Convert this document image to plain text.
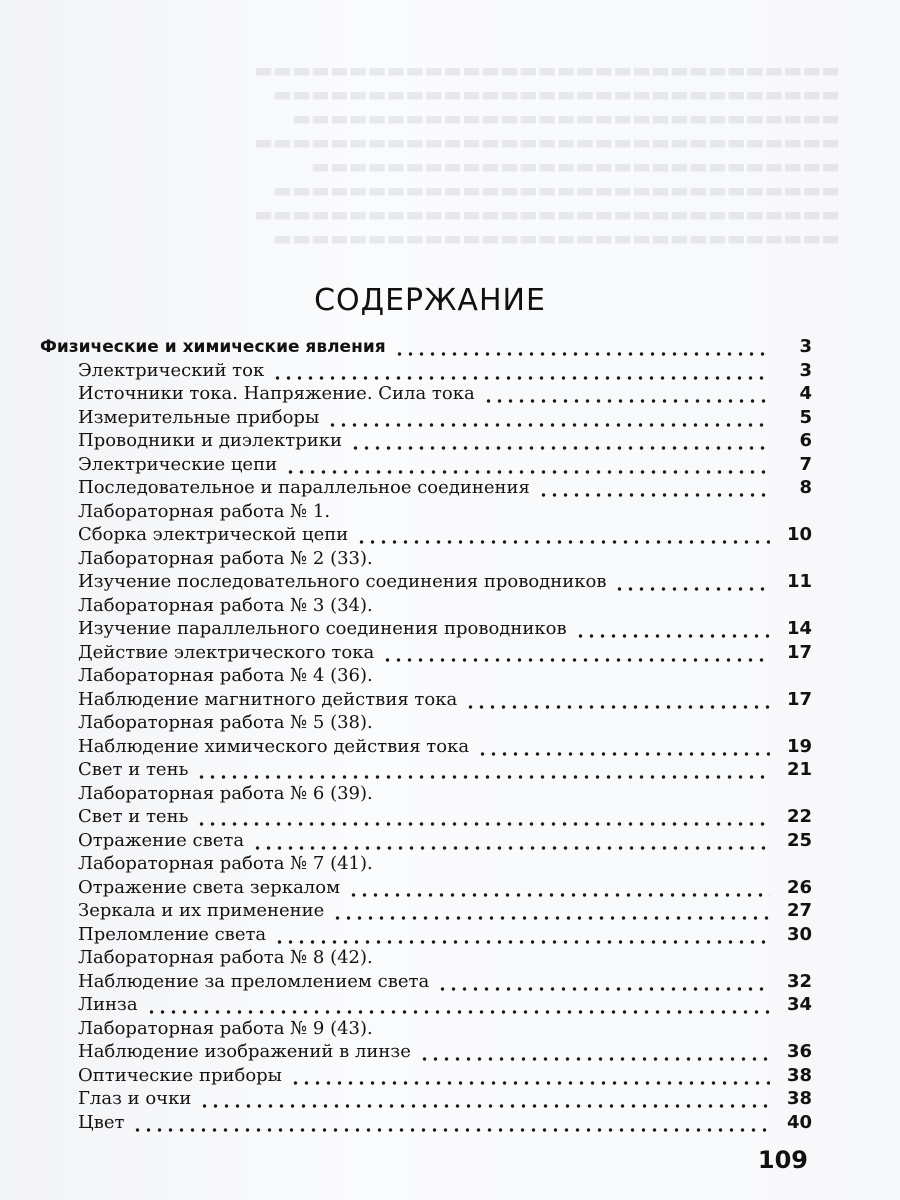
▬▬▬▬▬▬▬▬▬▬▬▬▬▬▬▬▬▬▬▬▬▬▬▬▬▬▬▬▬▬▬
▬▬▬▬▬▬▬▬▬▬▬▬▬▬▬▬▬▬▬▬▬▬▬▬▬▬▬▬▬▬
▬▬▬▬▬▬▬▬▬▬▬▬▬▬▬▬▬▬▬▬▬▬▬▬▬▬▬▬▬
▬▬▬▬▬▬▬▬▬▬▬▬▬▬▬▬▬▬▬▬▬▬▬▬▬▬▬▬▬▬▬
▬▬▬▬▬▬▬▬▬▬▬▬▬▬▬▬▬▬▬▬▬▬▬▬▬▬▬▬
▬▬▬▬▬▬▬▬▬▬▬▬▬▬▬▬▬▬▬▬▬▬▬▬▬▬▬▬▬▬
▬▬▬▬▬▬▬▬▬▬▬▬▬▬▬▬▬▬▬▬▬▬▬▬▬▬▬▬▬▬▬
▬▬▬▬▬▬▬▬▬▬▬▬▬▬▬▬▬▬▬▬▬▬▬▬▬▬▬▬▬▬
СОДЕРЖАНИЕ
Физические и химические явления	3
Электрический ток	3
Источники тока. Напряжение. Сила тока	4
Измерительные приборы	5
Проводники и диэлектрики	6
Электрические цепи	7
Последовательное и параллельное соединения	8
Лабораторная работа № 1.
Сборка электрической цепи	10
Лабораторная работа № 2 (33).
Изучение последовательного соединения проводников	11
Лабораторная работа № 3 (34).
Изучение параллельного соединения проводников	14
Действие электрического тока	17
Лабораторная работа № 4 (36).
Наблюдение магнитного действия тока	17
Лабораторная работа № 5 (38).
Наблюдение химического действия тока	19
Свет и тень	21
Лабораторная работа № 6 (39).
Свет и тень	22
Отражение света	25
Лабораторная работа № 7 (41).
Отражение света зеркалом	26
Зеркала и их применение	27
Преломление света	30
Лабораторная работа № 8 (42).
Наблюдение за преломлением света	32
Линза	34
Лабораторная работа № 9 (43).
Наблюдение изображений в линзе	36
Оптические приборы	38
Глаз и очки	38
Цвет	40
109
